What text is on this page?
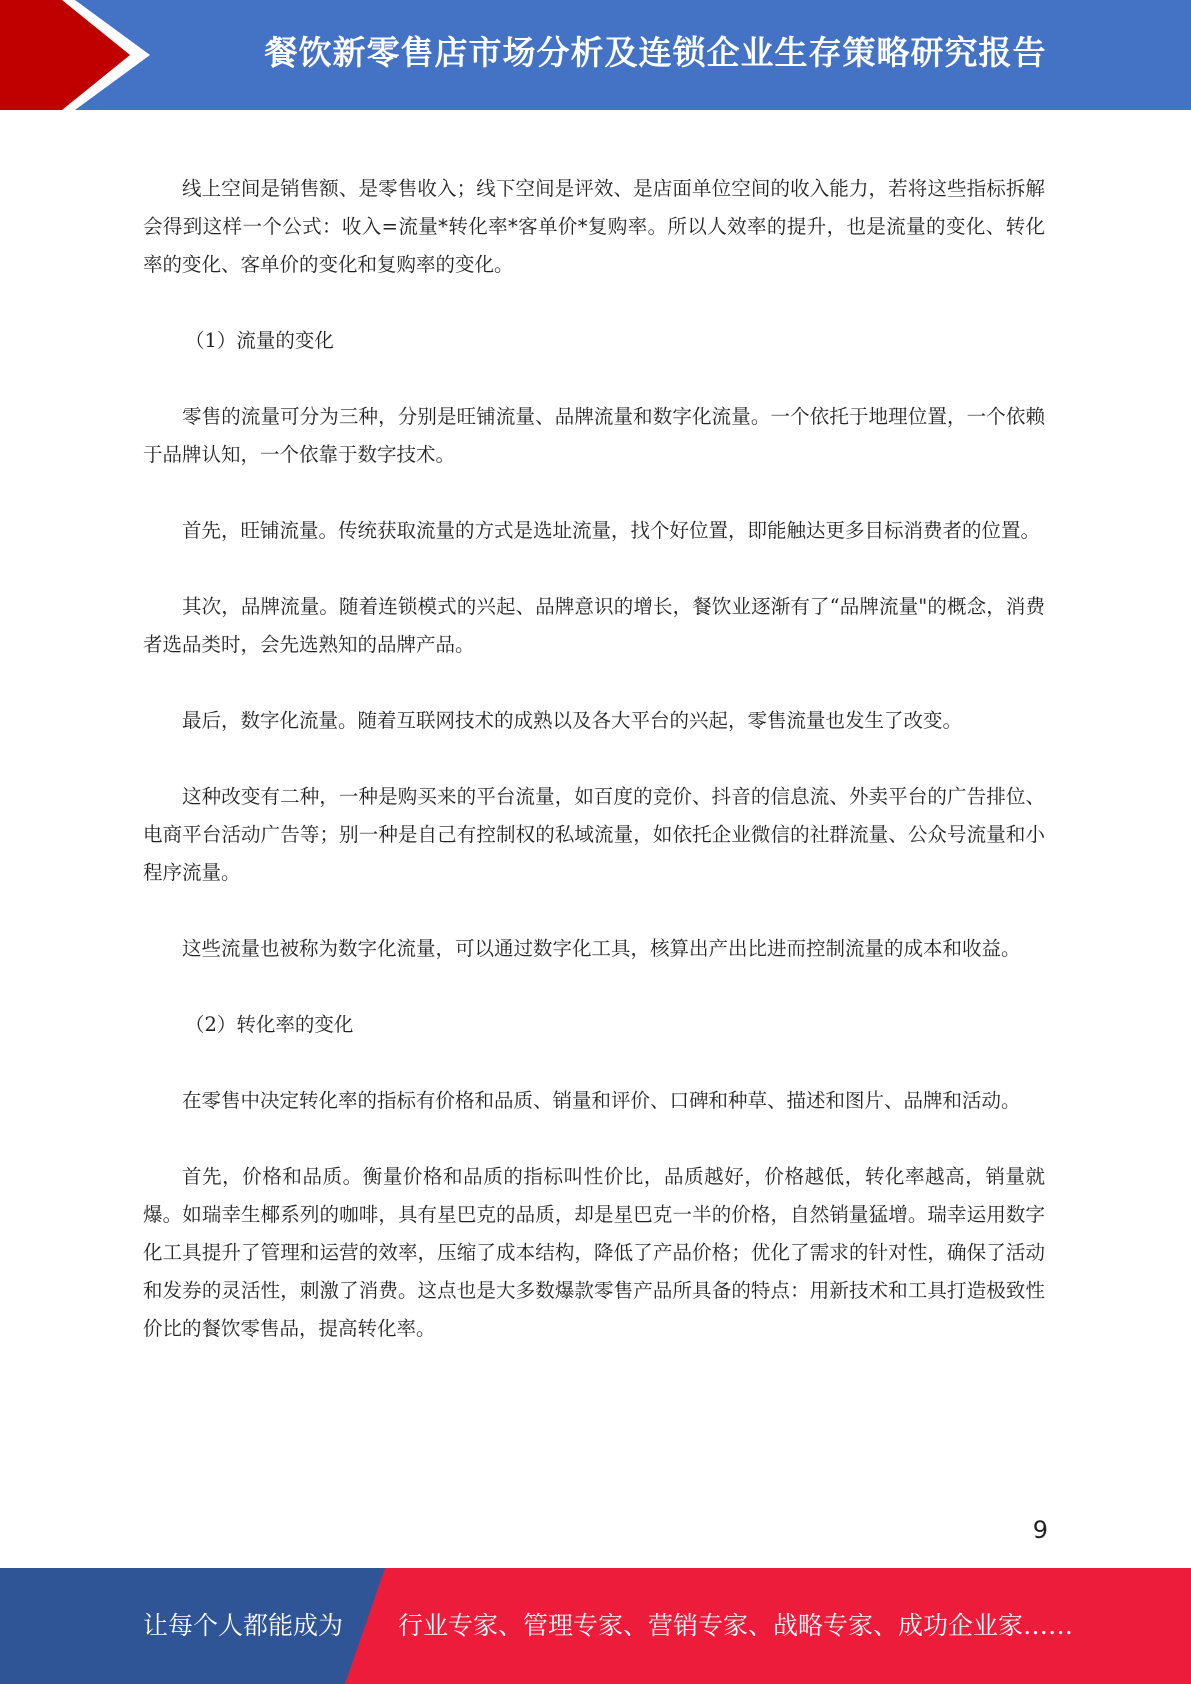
餐饮新零售店市场分析及连锁企业生存策略研究报告

线上空间是销售额、是零售收入；线下空间是评效、是店面单位空间的收入能力，若将这些指标拆解会得到这样一个公式：收入=流量*转化率*客单价*复购率。所以人效率的提升，也是流量的变化、转化率的变化、客单价的变化和复购率的变化。

（1）流量的变化

零售的流量可分为三种，分别是旺铺流量、品牌流量和数字化流量。一个依托于地理位置，一个依赖于品牌认知，一个依靠于数字技术。

首先，旺铺流量。传统获取流量的方式是选址流量，找个好位置，即能触达更多目标消费者的位置。

其次，品牌流量。随着连锁模式的兴起、品牌意识的增长，餐饮业逐渐有了“品牌流量"的概念，消费者选品类时，会先选熟知的品牌产品。

最后，数字化流量。随着互联网技术的成熟以及各大平台的兴起，零售流量也发生了改变。

这种改变有二种，一种是购买来的平台流量，如百度的竞价、抖音的信息流、外卖平台的广告排位、电商平台活动广告等；别一种是自己有控制权的私域流量，如依托企业微信的社群流量、公众号流量和小程序流量。

这些流量也被称为数字化流量，可以通过数字化工具，核算出产出比进而控制流量的成本和收益。

（2）转化率的变化

在零售中决定转化率的指标有价格和品质、销量和评价、口碑和种草、描述和图片、品牌和活动。

首先，价格和品质。衡量价格和品质的指标叫性价比，品质越好，价格越低，转化率越高，销量就爆。如瑞幸生椰系列的咖啡，具有星巴克的品质，却是星巴克一半的价格，自然销量猛增。瑞幸运用数字化工具提升了管理和运营的效率，压缩了成本结构，降低了产品价格；优化了需求的针对性，确保了活动和发券的灵活性，刺激了消费。这点也是大多数爆款零售产品所具备的特点：用新技术和工具打造极致性价比的餐饮零售品，提高转化率。

9
让每个人都能成为 行业专家、管理专家、营销专家、战略专家、成功企业家……
